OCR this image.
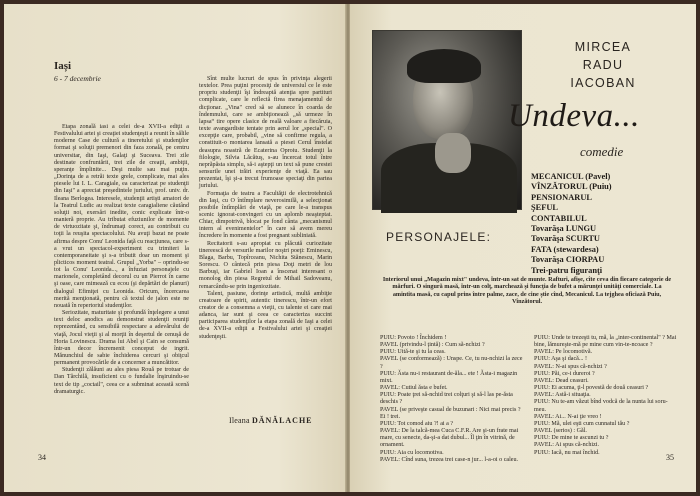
Iași
6 - 7 decembrie

Etapa zonală iasi a celei de-a XVII-a ediţii a Festivalului artei şi creaţiei studenţeşti a reunit în sălile moderne Case de cultură a tineretului şi studenţilor format şi soluţii premenori din faza zonală, pe centru universitar, din Iaşi, Galaţi şi Suceava. Trei zile destinate confruntării, trei zile de creaţii, ambiţii, speranţe împlinite... Deşi multe sau mai puţin. „Dorinţa de a retrăi texte grele, complicate, mai ales piesele lui I. L. Caragiale, ea caracterizat pe studenţii din Iaşi" a apreciat preşedintele juriului, prof. univ. dr. Ileana Berlogea. Interesele, studenţii artişti amatori de la Teatrul Ludic au realizat texte caragialiene căutând soluţii noi, exersări inedite, conic explicate într-o manieră proprie. Au tributat efuziunilor de momente de virtuozitate şi, îndrumaţi corect, au contribuit cu toţii la reuşita spectacolului. Nu avuţi bazat ne poate afirma despre Conu' Leonida faţă cu reacţiunea, care s-a vrut un spectacol-experiment cu trimiteri la contemporaneitate şi s-a tributit doar un moment şi plicticos moment teatral. Grupul „Yorba" – oprindu-se tot la Conu' Leonida..., a înfuziat personajele cu marionele, completând decorul cu un Pierrot în carne şi oase, care mimează cu ecou (şi depărtări de planuri) dialogul Efimiţei cu Leonida. Oricum, încercarea merită menţionată, pentru că textul de jalon este ne nouată în repertoriul studenţilor.

Seriozitate, maturitate şi profundă înţelegere a unui text deloc anodics au demonstrat studenţii reuniţi reprezentând, cu sensibilă respectare a adevărului de viaţă, Jocul vieţii şi al morţii în deşertul de cenuşă de Horia Lovinescu. Drama lui Abel şi Cain se consumă într-un decor încremenit conceput de ingrit. Mănunchiul de sabie închiderea cercuri şi obiţcul permanent provocările de a concerner a muncătitor.

Studenţii zălăuni au ales piesa Rouă pe trotuar de Dan Tărchilă, insuficient cu o fundalie înşiruindu-se text de tip „coctail", ceea ce a subminat această scenă dramaturgic.

Sînt multe lucruri de spus în privinţa alegerii textelor. Prea puţini procesiţi de universiul ce le este propriu studenţii îşi îndreaptă atenţia spre partituri complicate, care le reflectă firea menajamentul de dicţionar. „Vina" cred să se alunece în coarda de îndemnului, care se ambiţionează „să urmeze în lapsa“ tire opere clasice de reală valoare a fiecăruia, texte avangardiste tentate prin aerul lor „special". O excepţie care, probabil, „vine să confirme regula, a constituit-o montarea lansată a piesei Cerul înstelat deasupra noastră de Ecaterina Oproiu. Studenţii la filologie, Silvia Lăcătuş, s-au încercat totul între neprăpăsta simplu, să-i aştepţi un text să pune crestei sensurile unei trăiri experienţe de viaţă. Ea sau prezentat, îşi şi-a trecut frumoase speciaţi din partea juriului.

Formaţia de teatru a Facultăţii de electrotehnică din Iaşi, cu O întîmplare neverosimilă, a selecţionat posibile întîmplări de viaţă, pe care le-a transpus scenic ignorat-convingeri cu un aplomb neaşteptat. Chiar, dimpotrivă, blocat pe fond cânta „mecanismul intern al evenimentelor" în care să avem mereu încredere în momente a fost pregnant subliniată.

Recitatorii s-au apropiat cu plăcută curiozitate tinereescă de versurile marilor noştri poeţi: Eminescu, Blaga, Barbu, Topîrceanu, Nichita Stănescu, Marin Sorescu. O cântecă prin piesa Doţi metri de lou Barbuşi, iar Gabriel Ioan a înscenat interesant o monolog din piesa Regretul de Mihail Sadoveanu, remarcându-se prin ingeniozitate.

Talent, pasiune, dorinţe artistică, multă ambiţie creatoare de spirit, autentic tinerescu, într-un efort creator de a consemna a vieţii, cu talente ei care mai adanca, iar sunt şi ceea ce caracteriza succint participarea studenţilor la etapa zonală de Iaşi a celei de-a XVII-a ediţii a Festivalului artei şi creaţiei studenţeşti.

Ileana DĂNĂLACHE
34
MIRCEA
RADU
IACOBAN
Undeva...
comedie
PERSONAJELE:
MECANICUL (Pavel)
VÎNZĂTORUL (Puiu)
PENSIONARUL
ŞEFUL
CONTABILUL
Tovarăşa LUNGU
Tovarăşa SCURTU
FATA (stewardesa)
Tovarăşa CIORPAU
Trei-patru figuranţi
Interiorul unui „Magazin mixt" undeva, într-un sat de munte. Rafturi, afişe, cîte ceva din fiecare categorie de mărfuri. O singură masă, într-un colţ, marchează şi funcţia de bufet a mărunţei unităţi comerciale. La amintita masă, cu capul prins între palme, zace, de cine ştie cînd, Mecanicul. La tejghea oficiază Puiu, Vînzătorul.
PUIU: Povoto ! Închidem !
PAVEL (privindu-l ţintă) : Cum să-nchizi ?
PUIU: Uită-te şi tu la ceas.
PAVEL (se conformează) : Unspe. Ce, tu nu-nchizi la zece ?
PUIU: Ăsta nu-i restaurant de-ăla... ete ! Ăsta-i magazin mixt.
PAVEL: Cutiul ăsta e bufet.
PUIU: Poate ţrei să-nchid trei colţuri şi să-l las pe-ăsta deschis ?
PAVEL (se priveşte casual de buzunari : Nici mai precis ? Ei ! trei.
PUIU: Tot comod aiu ?! ai a ?
PAVEL: De la talcă-mea Cuca C.F.R. Are şi-un frate mai mare, cu senecte, da-şi-a dat dubul... Îl ţin în vitrină, de ornament.
PUIU: Aia cu locomotiva.
PAVEL: Cînd suna, trezea trei case-n jur... l-a-oi o caleu.
PUIU: Unde te trezeşti tu, mă, la „inter-continental" ? Mai bine, lămureşte-mă pe mine cum vin-te-ncoace ?
PAVEL: Pe locomotivă.
PUIU: Aşa şi dacă... !
PAVEL: N-ai spus că-nchizi ?
PUIU: Păi, ce-i dureroi ?
PAVEL: Dead ceasuri.
PUIU: Ei acuma, ţi-l povestă de două ceasuri ?
PAVEL: Astă-i situaţia.
PUIU: Nu te-am văzut bînd vodcă de la nunta lui soru-meu.
PAVEL: Ai... N-ai ţie vreo !
PUIU: Mă, ulei eşti cum cunnatul tău ?
PAVEL (serios) : Găl.
PUIU: De mine te ascunzi tu ?
PAVEL: Ai spus că-nchizi.
PUIU: Iacă, nu mai închid.
35
